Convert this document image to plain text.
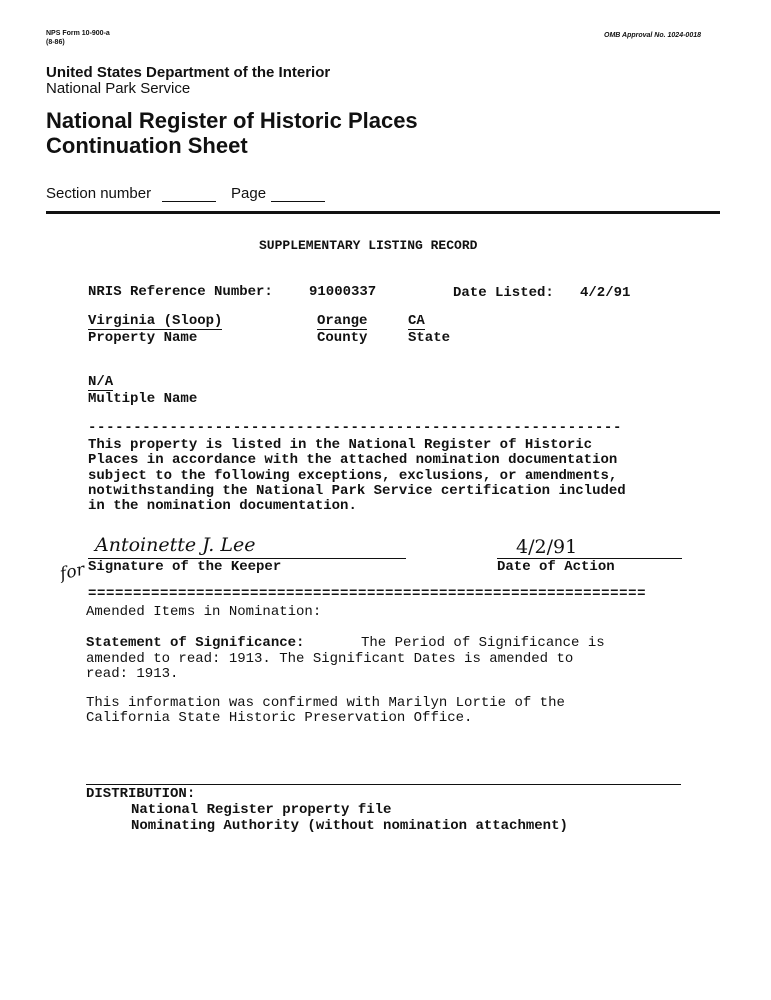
NPS Form 10-900-a
(8-86)
OMB Approval No. 1024-0018
United States Department of the Interior
National Park Service
National Register of Historic Places
Continuation Sheet
Section number	Page
SUPPLEMENTARY LISTING RECORD
NRIS Reference Number:	91000337	Date Listed: 4/2/91
Virginia (Sloop)
Property Name
Orange
County
CA
State
N/A
Multiple Name
-----------------------------------------------------------
This property is listed in the National Register of Historic
Places in accordance with the attached nomination documentation
subject to the following exceptions, exclusions, or amendments,
notwithstanding the National Park Service certification included
in the nomination documentation.
for
Antoinette J. Lee
Signature of the Keeper
4/2/91
Date of Action
==============================================================
Amended Items in Nomination:
Statement of Significance:	The Period of Significance is
amended to read: 1913. The Significant Dates is amended to
read: 1913.
This information was confirmed with Marilyn Lortie of the
California State Historic Preservation Office.
DISTRIBUTION:
National Register property file
Nominating Authority (without nomination attachment)
